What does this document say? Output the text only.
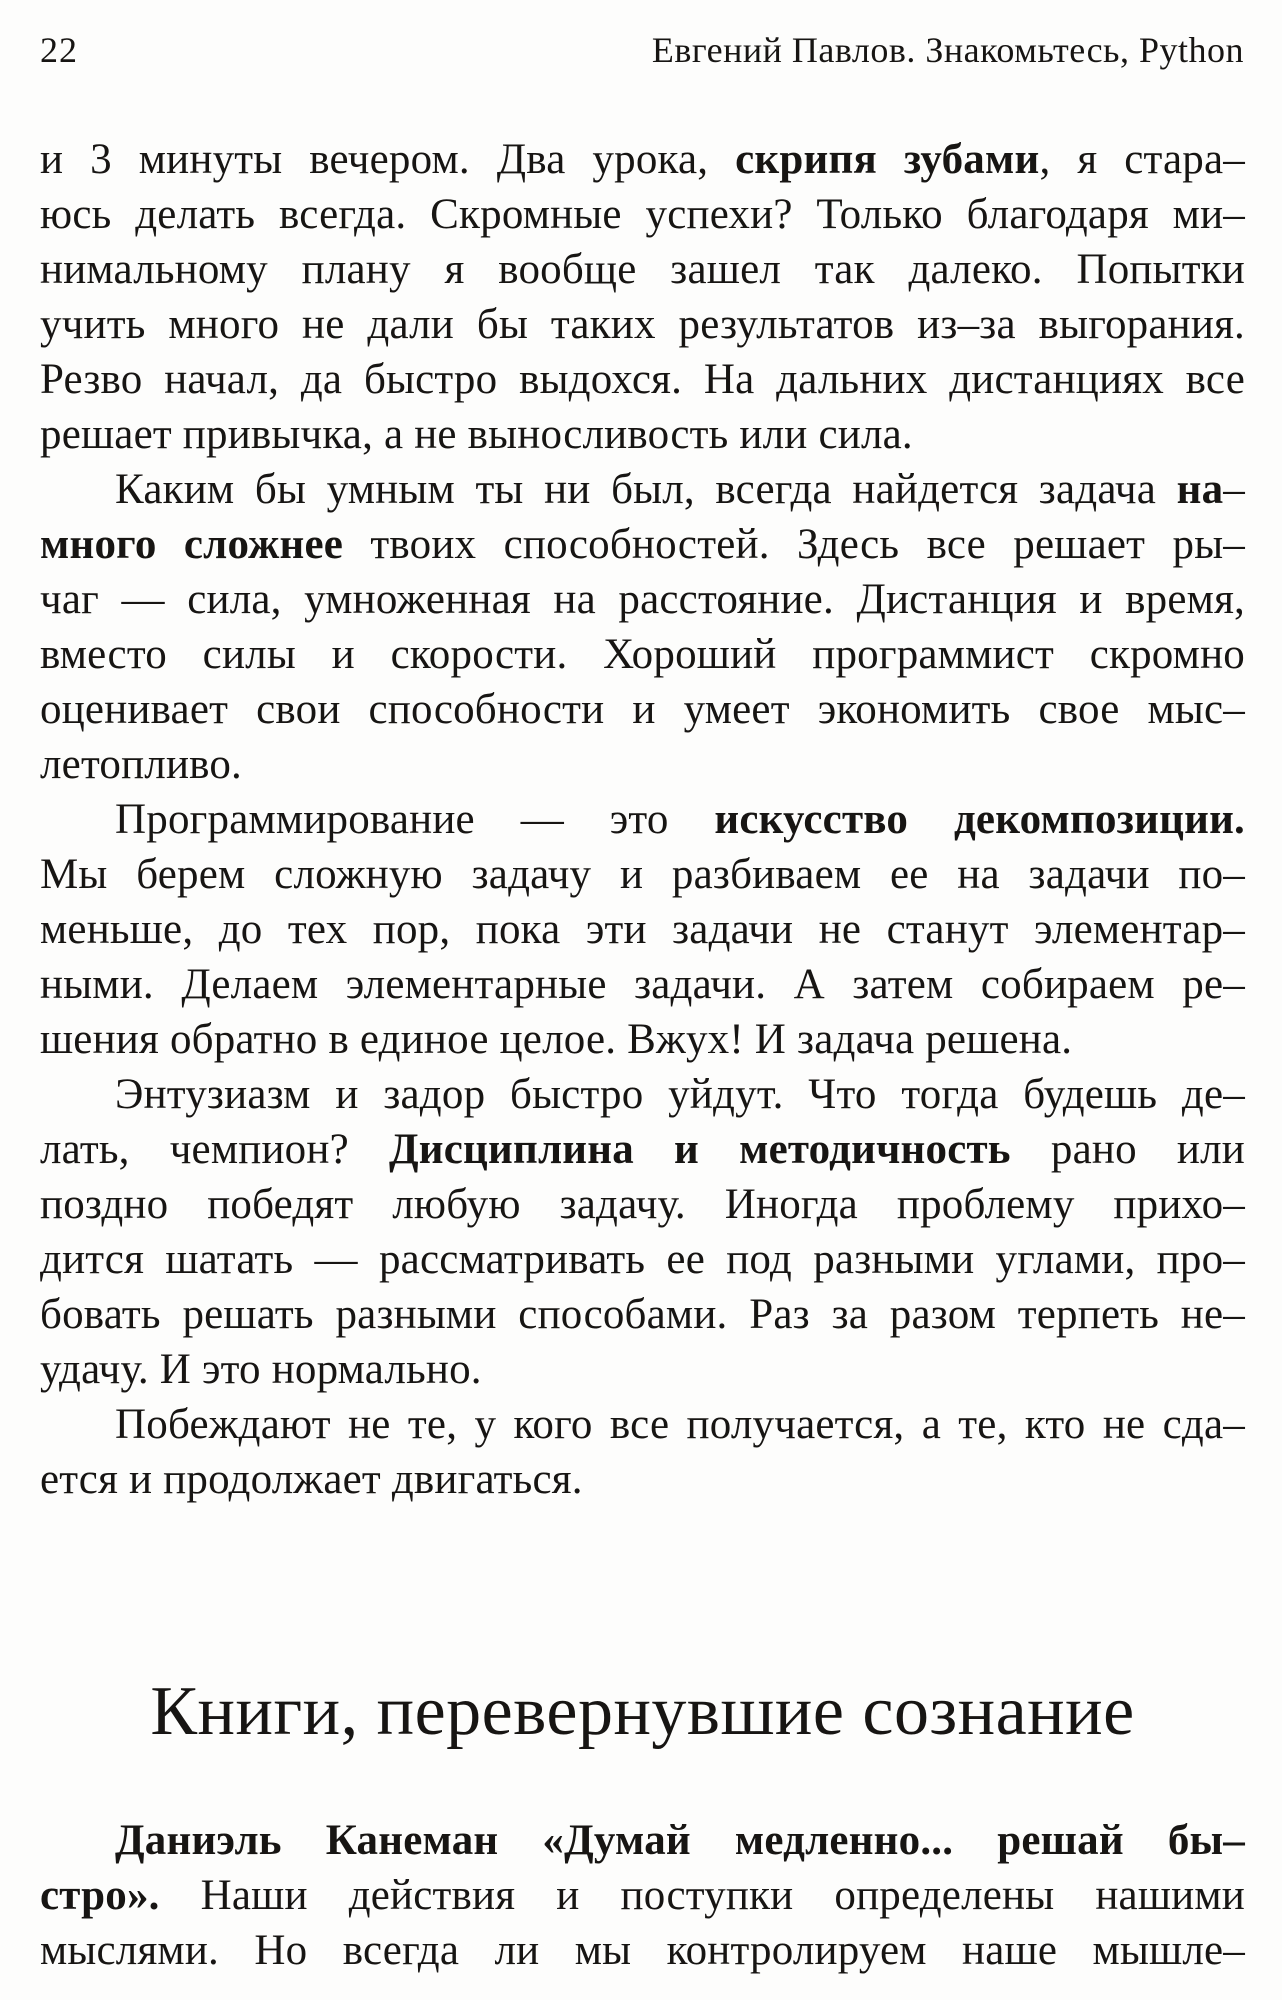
22	Евгений Павлов. Знакомьтесь, Python
и 3 минуты вечером. Два урока, скрипя зубами, я стара–
юсь делать всегда. Скромные успехи? Только благодаря ми–
нимальному плану я вообще зашел так далеко. Попытки
учить много не дали бы таких результатов из–за выгорания.
Резво начал, да быстро выдохся. На дальних дистанциях все
решает привычка, а не выносливость или сила.
Каким бы умным ты ни был, всегда найдется задача на–
много сложнее твоих способностей. Здесь все решает ры–
чаг — сила, умноженная на расстояние. Дистанция и время,
вместо силы и скорости. Хороший программист скромно
оценивает свои способности и умеет экономить свое мыс–
летопливо.
Программирование — это искусство декомпозиции.
Мы берем сложную задачу и разбиваем ее на задачи по–
меньше, до тех пор, пока эти задачи не станут элементар–
ными. Делаем элементарные задачи. А затем собираем ре–
шения обратно в единое целое. Вжух! И задача решена.
Энтузиазм и задор быстро уйдут. Что тогда будешь де–
лать, чемпион? Дисциплина и методичность рано или
поздно победят любую задачу. Иногда проблему прихо–
дится шатать — рассматривать ее под разными углами, про–
бовать решать разными способами. Раз за разом терпеть не–
удачу. И это нормально.
Побеждают не те, у кого все получается, а те, кто не сда–
ется и продолжает двигаться.
Книги, перевернувшие сознание
Даниэль Канеман «Думай медленно... решай бы–
стро». Наши действия и поступки определены нашими
мыслями. Но всегда ли мы контролируем наше мышле–
